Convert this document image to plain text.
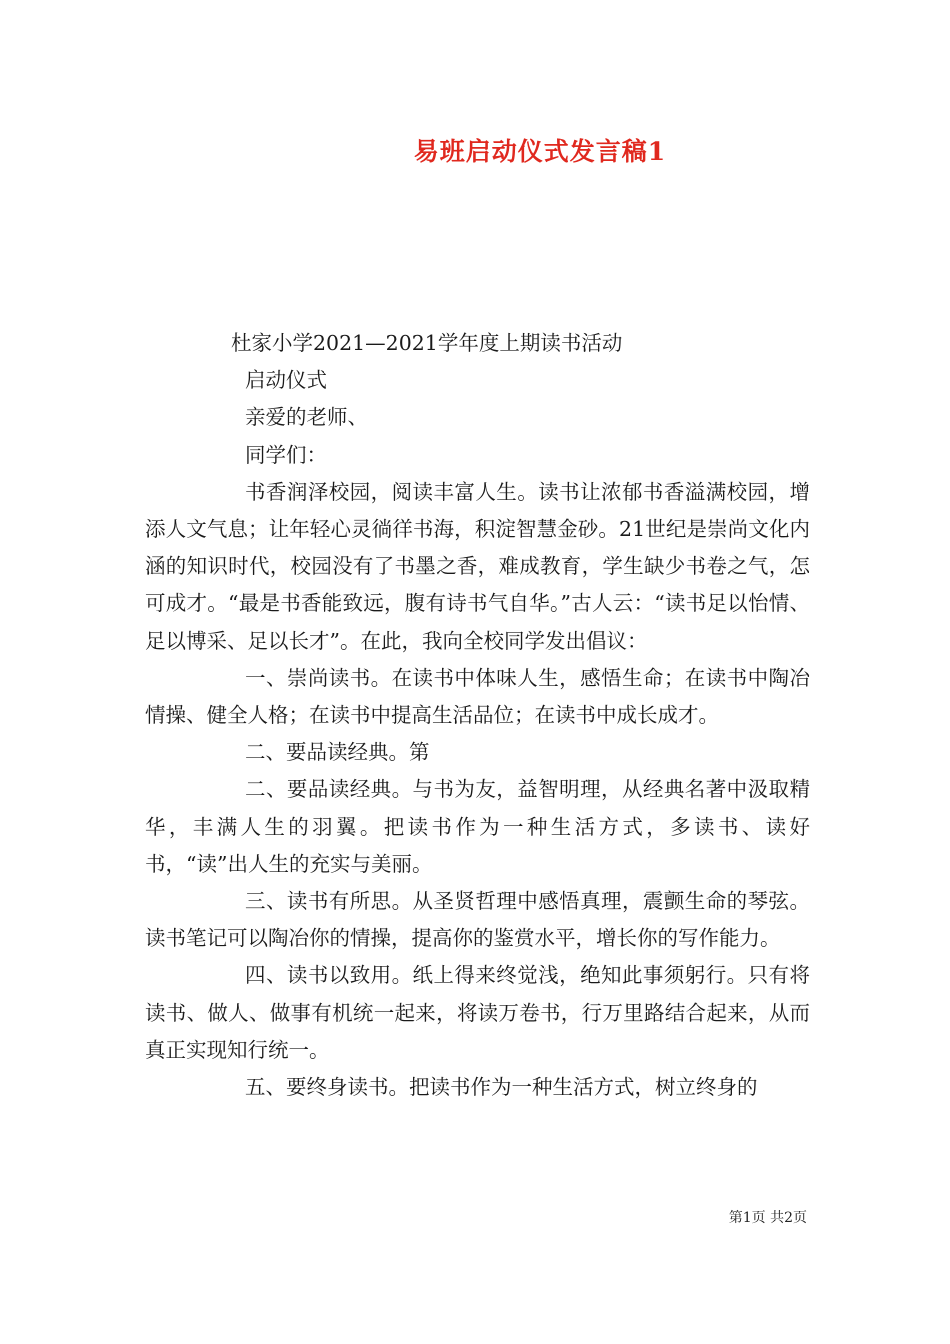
易班启动仪式发言稿1
杜家小学2021—2021学年度上期读书活动
启动仪式
亲爱的老师、
同学们：
书香润泽校园，阅读丰富人生。读书让浓郁书香溢满校园，增添人文气息；让年轻心灵徜徉书海，积淀智慧金砂。21世纪是崇尚文化内涵的知识时代，校园没有了书墨之香，难成教育，学生缺少书卷之气，怎可成才。“最是书香能致远，腹有诗书气自华。”古人云：“读书足以怡情、足以博采、足以长才”。在此，我向全校同学发出倡议：
一、崇尚读书。在读书中体味人生，感悟生命；在读书中陶冶情操、健全人格；在读书中提高生活品位；在读书中成长成才。
二、要品读经典。第
二、要品读经典。与书为友，益智明理，从经典名著中汲取精华，丰满人生的羽翼。把读书作为一种生活方式，多读书、读好书，“读”出人生的充实与美丽。
三、读书有所思。从圣贤哲理中感悟真理，震颤生命的琴弦。读书笔记可以陶冶你的情操，提高你的鉴赏水平，增长你的写作能力。
四、读书以致用。纸上得来终觉浅，绝知此事须躬行。只有将读书、做人、做事有机统一起来，将读万卷书，行万里路结合起来，从而真正实现知行统一。
五、要终身读书。把读书作为一种生活方式，树立终身的
第1页 共2页
